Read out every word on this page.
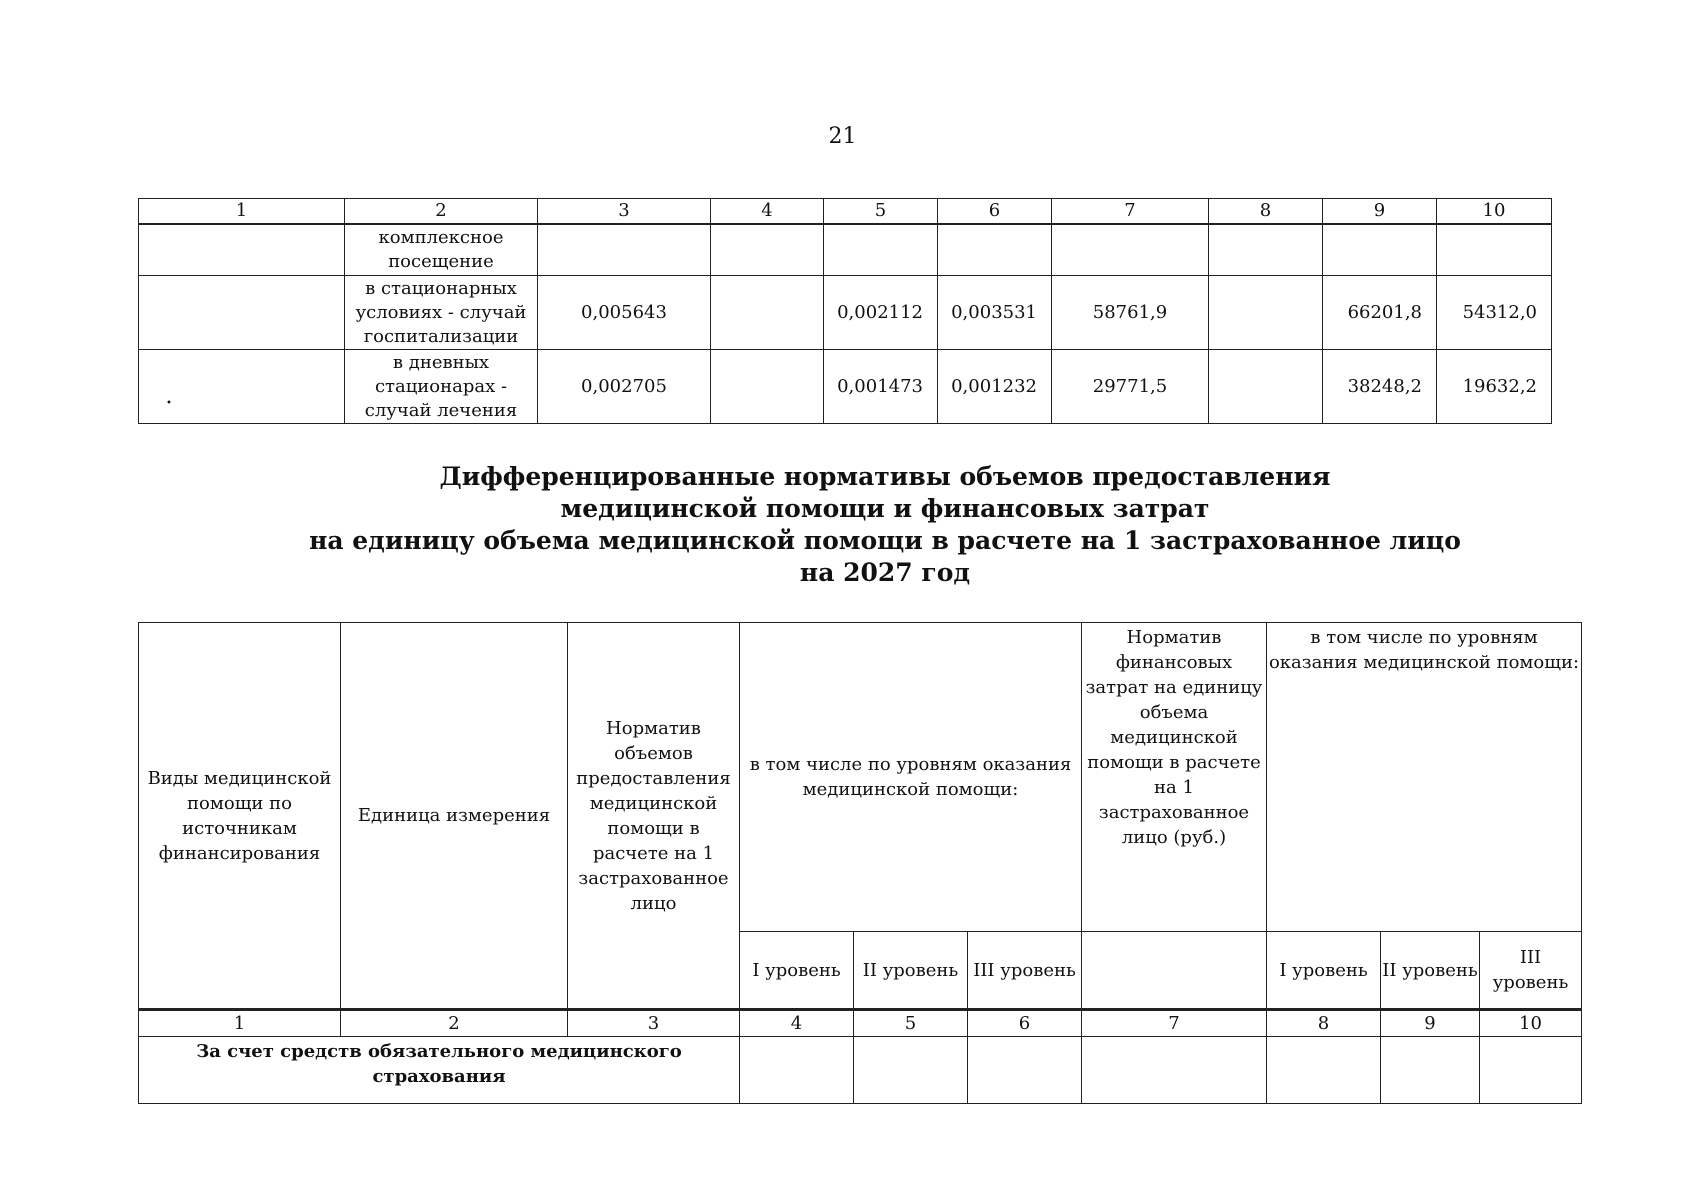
21
1	2	3	4	5	6	7	8	9	10
	комплексное посещение								
	в стационарных условиях - случай госпитализации	0,005643		0,002112	0,003531	58761,9		66201,8	54312,0
	в дневных стационарах - случай лечения	0,002705		0,001473	0,001232	29771,5		38248,2	19632,2
•
Дифференцированные нормативы объемов предоставления
медицинской помощи и финансовых затрат
на единицу объема медицинской помощи в расчете на 1 застрахованное лицо
на 2027 год
Виды медицинской помощи по источникам финансирования	Единица измерения	Норматив объемов предоставления медицинской помощи в расчете на 1 застрахованное лицо	в том числе по уровням оказания медицинской помощи:			Норматив финансовых затрат на единицу объема медицинской помощи в расчете на 1 застрахованное лицо (руб.)	в том числе по уровням оказания медицинской помощи:		
			I уровень	II уровень	III уровень		I уровень	II уровень	III уровень
1	2	3	4	5	6	7	8	9	10
За счет средств обязательного медицинского страхования									
